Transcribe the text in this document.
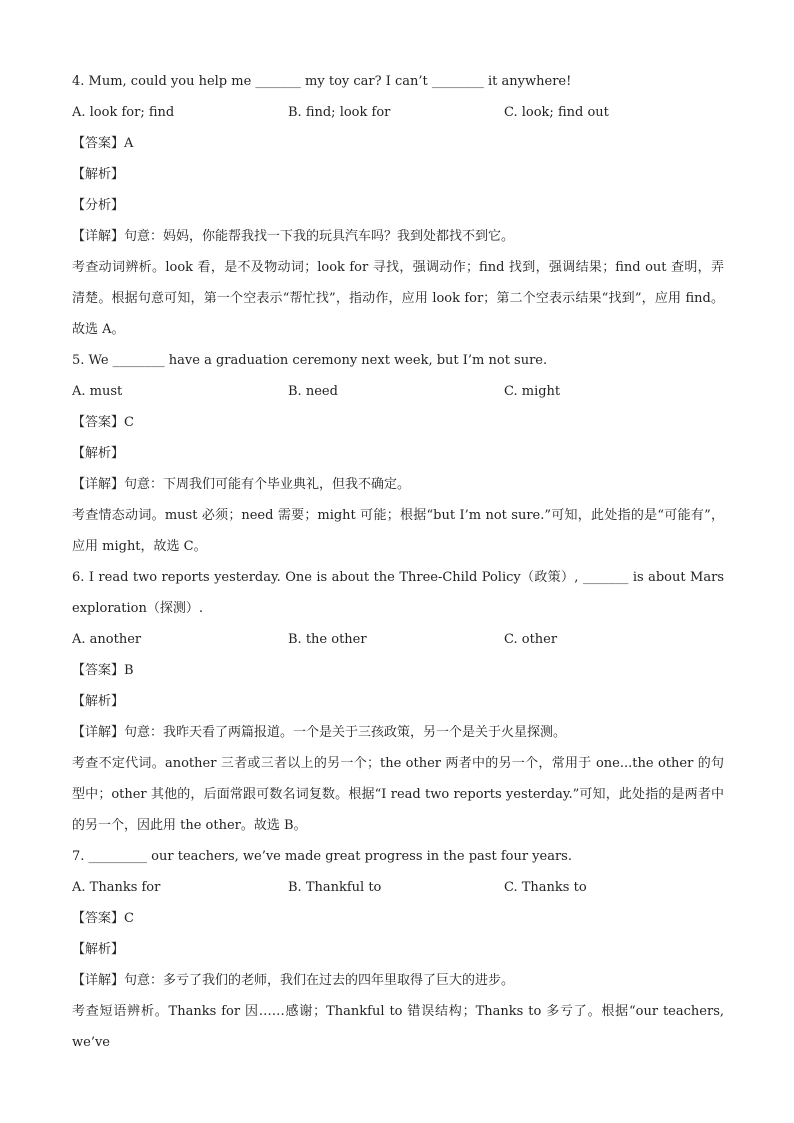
4. Mum, could you help me _______ my toy car? I can’t ________ it anywhere!
A. look for; find	B. find; look for	C. look; find out
【答案】A
【解析】
【分析】
【详解】句意：妈妈，你能帮我找一下我的玩具汽车吗？我到处都找不到它。
考查动词辨析。look 看，是不及物动词；look for 寻找，强调动作；find 找到，强调结果；find out 查明，弄清楚。根据句意可知，第一个空表示“帮忙找”，指动作，应用 look for；第二个空表示结果“找到”，应用 find。故选 A。
5. We ________ have a graduation ceremony next week, but I’m not sure.
A. must	B. need	C. might
【答案】C
【解析】
【详解】句意：下周我们可能有个毕业典礼，但我不确定。
考查情态动词。must 必须；need 需要；might 可能；根据“but I’m not sure.”可知，此处指的是“可能有”，应用 might，故选 C。
6. I read two reports yesterday. One is about the Three-Child Policy（政策）, _______ is about Mars exploration（探测）.
A. another	B. the other	C. other
【答案】B
【解析】
【详解】句意：我昨天看了两篇报道。一个是关于三孩政策，另一个是关于火星探测。
考查不定代词。another 三者或三者以上的另一个；the other 两者中的另一个，常用于 one...the other 的句型中；other 其他的，后面常跟可数名词复数。根据“I read two reports yesterday.”可知，此处指的是两者中的另一个，因此用 the other。故选 B。
7. _________ our teachers, we’ve made great progress in the past four years.
A. Thanks for	B. Thankful to	C. Thanks to
【答案】C
【解析】
【详解】句意：多亏了我们的老师，我们在过去的四年里取得了巨大的进步。
考查短语辨析。Thanks for 因……感谢；Thankful to 错误结构；Thanks to 多亏了。根据“our teachers, we’ve
